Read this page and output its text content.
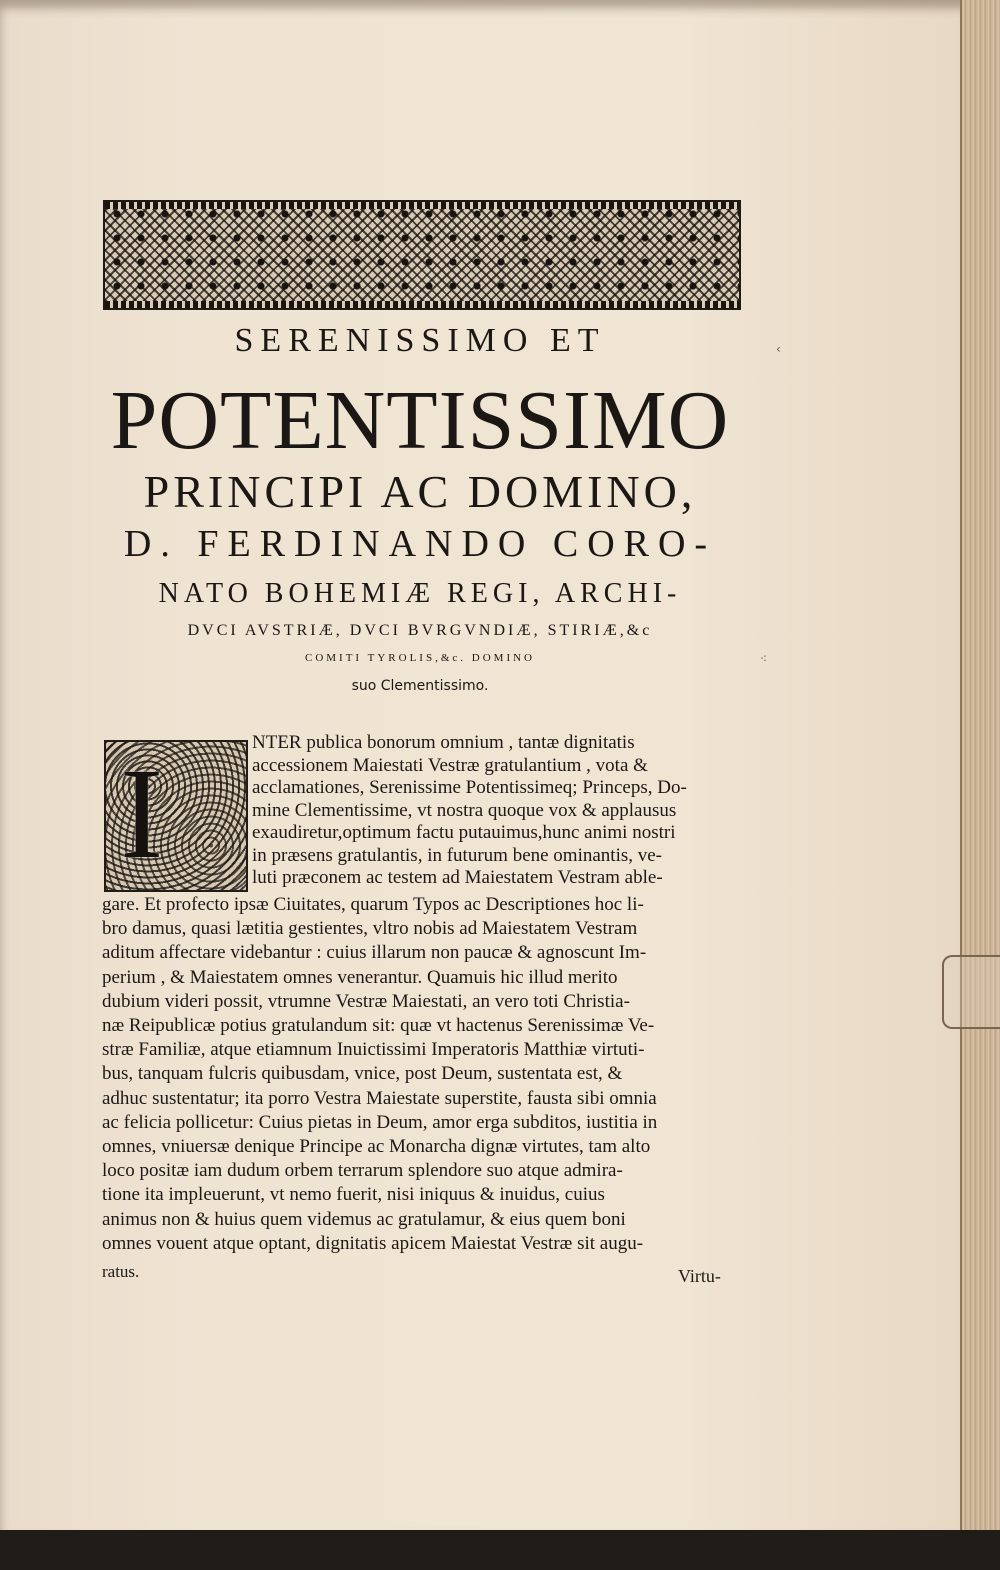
SERENISSIMO ET
POTENTISSIMO
PRINCIPI AC DOMINO,
D. FERDINANDO CORO-
NATO BOHEMIÆ REGI, ARCHI-
DVCI AVSTRIÆ, DVCI BVRGVNDIÆ, STIRIÆ,&c
COMITI TYROLIS,&c. DOMINO
suo Clementissimo.
I	NTER publica bonorum omnium , tantæ dignitatis
accessionem Maiestati Vestræ gratulantium , vota &
acclamationes, Serenissime Potentissimeq; Princeps, Do-
mine Clementissime, vt nostra quoque vox & applausus
exaudiretur,optimum factu putauimus,hunc animi nostri
in præsens gratulantis, in futurum bene ominantis, ve-
luti præconem ac testem ad Maiestatem Vestram able-
gare. Et profecto ipsæ Ciuitates, quarum Typos ac Descriptiones hoc li-
bro damus, quasi lætitia gestientes, vltro nobis ad Maiestatem Vestram
aditum affectare videbantur : cuius illarum non paucæ & agnoscunt Im-
perium , & Maiestatem omnes venerantur. Quamuis hic illud merito
dubium videri possit, vtrumne Vestræ Maiestati, an vero toti Christia-
næ Reipublicæ potius gratulandum sit: quæ vt hactenus Serenissimæ Ve-
stræ Familiæ, atque etiamnum Inuictissimi Imperatoris Matthiæ virtuti-
bus, tanquam fulcris quibusdam, vnice, post Deum, sustentata est, &
adhuc sustentatur; ita porro Vestra Maiestate superstite, fausta sibi omnia
ac felicia pollicetur: Cuius pietas in Deum, amor erga subditos, iustitia in
omnes, vniuersæ denique Principe ac Monarcha dignæ virtutes, tam alto
loco positæ iam dudum orbem terrarum splendore suo atque admira-
tione ita impleuerunt, vt nemo fuerit, nisi iniquus & inuidus, cuius
animus non & huius quem videmus ac gratulamur, & eius quem boni
omnes vouent atque optant, dignitatis apicem Maiestat Vestræ sit augu-
ratus.	Virtu-
‹
⁖
